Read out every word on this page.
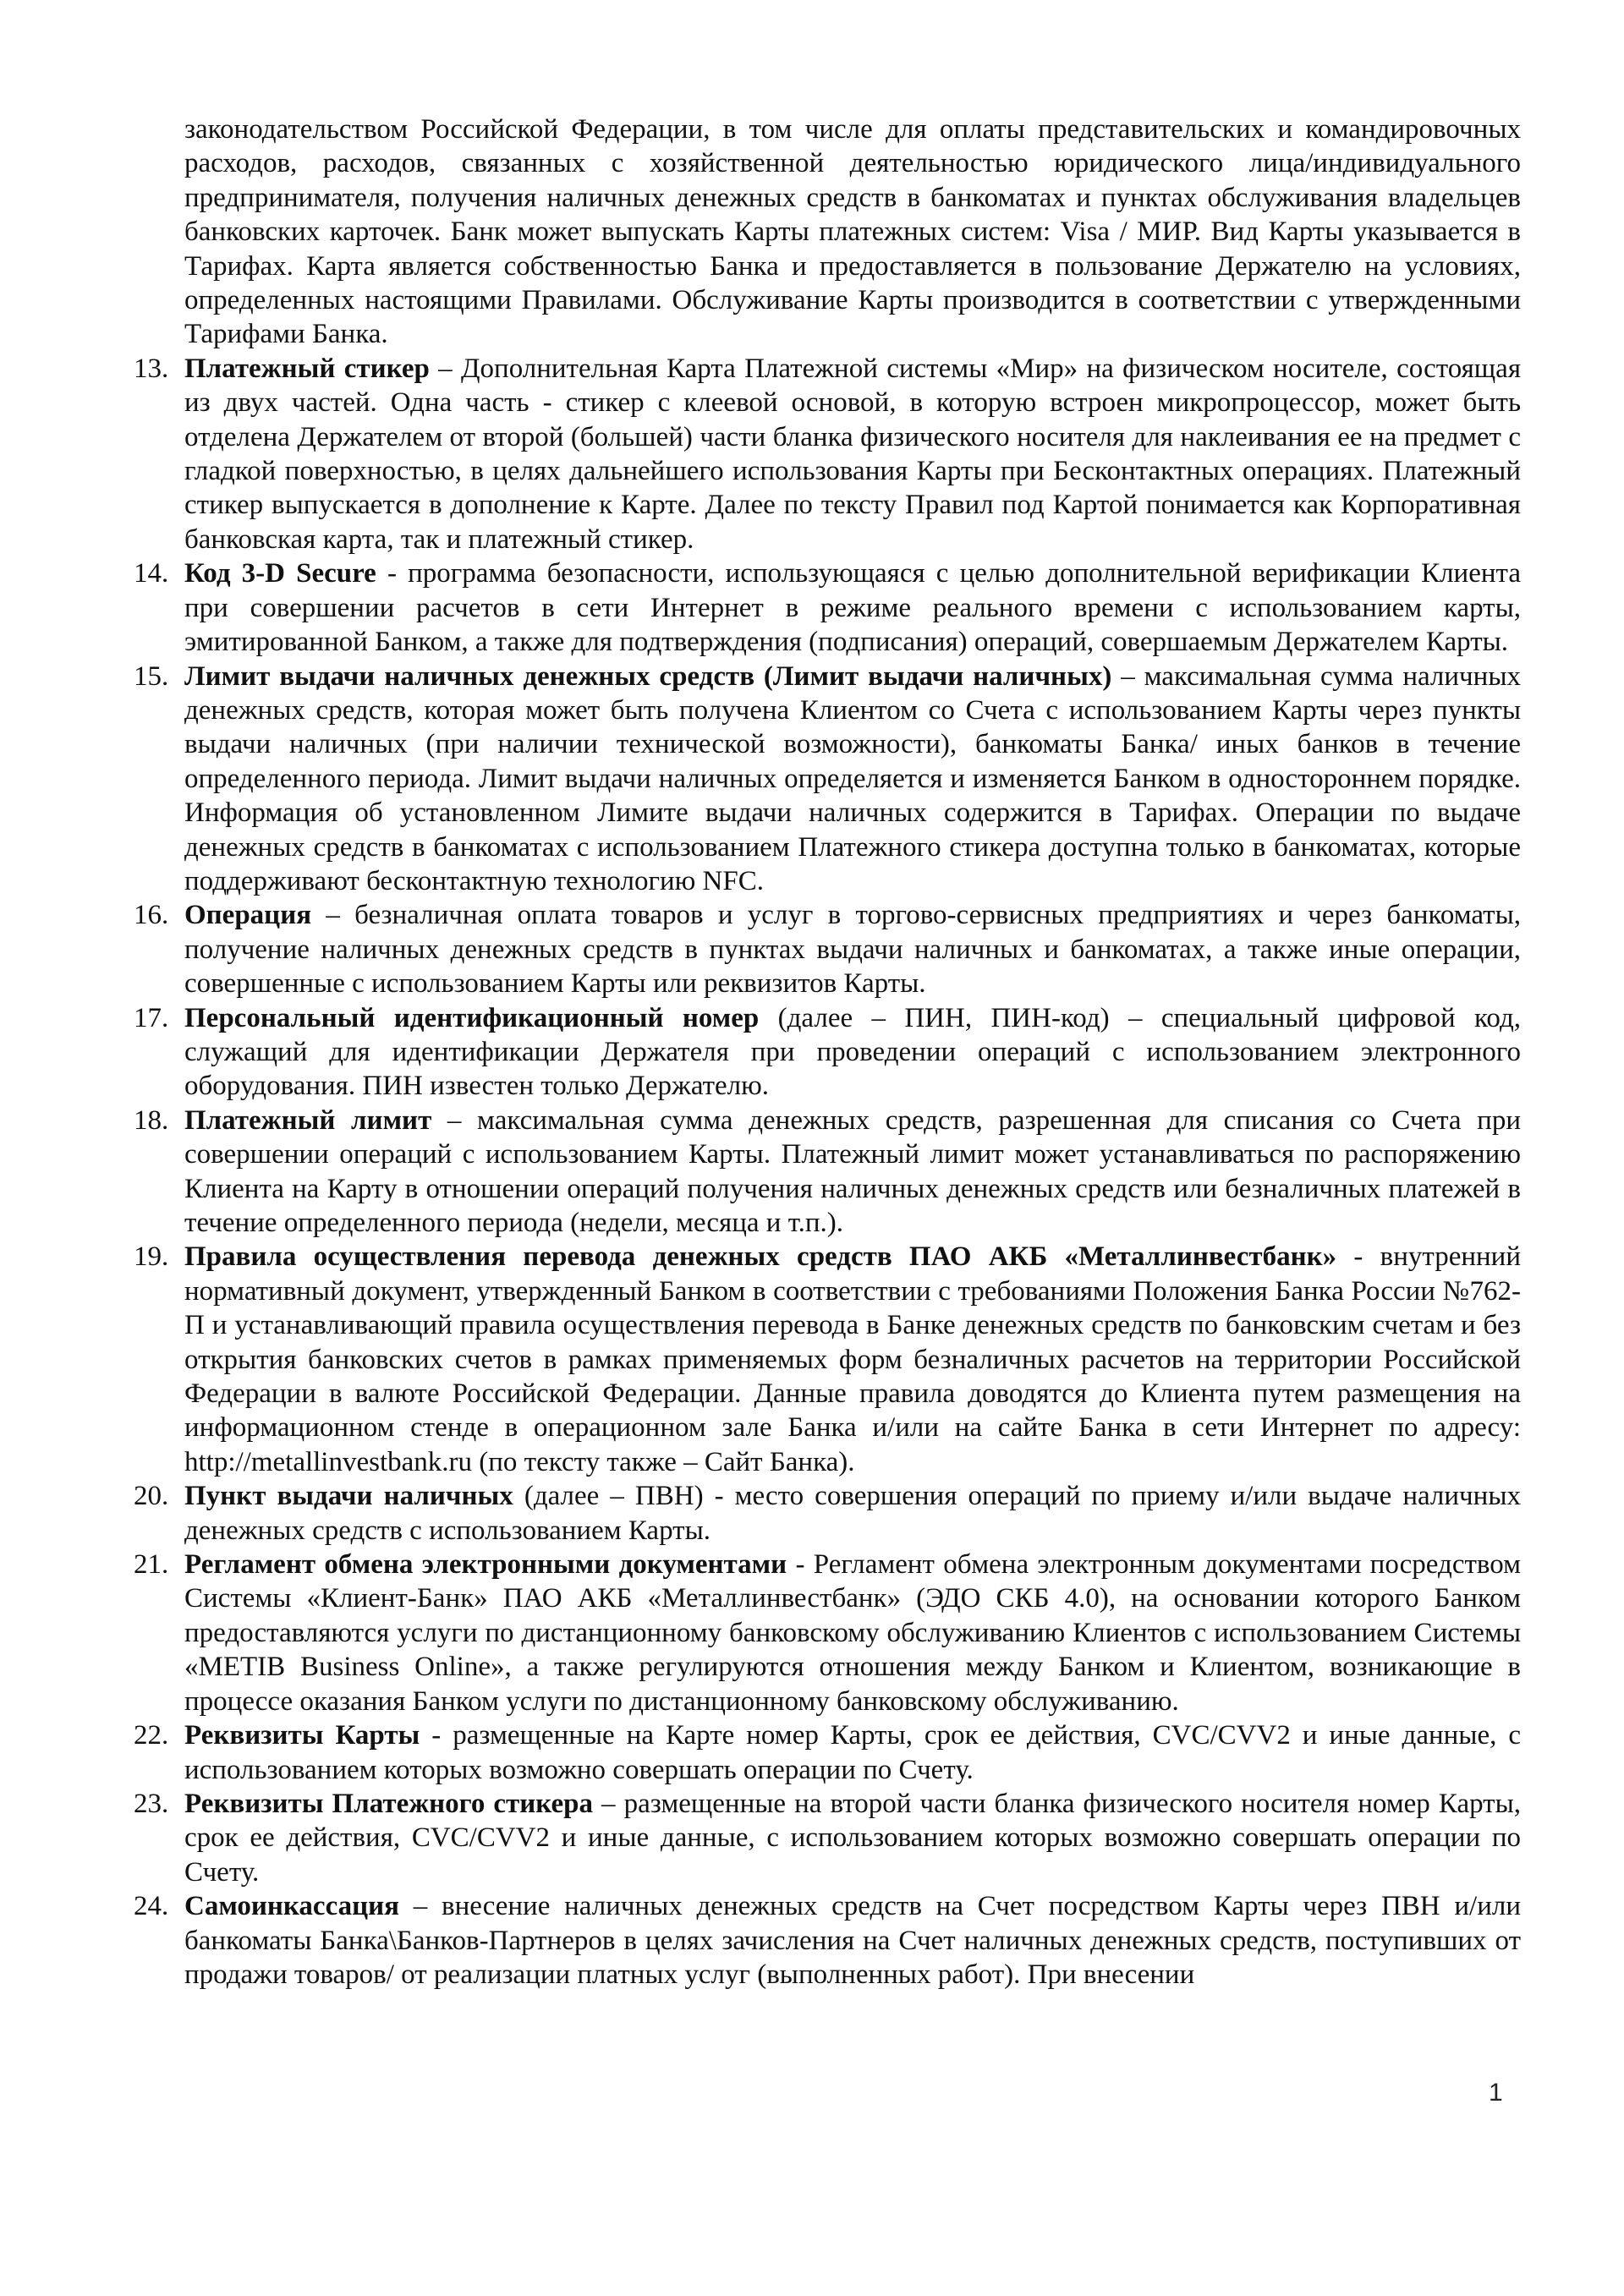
законодательством Российской Федерации, в том числе для оплаты представительских и командировочных расходов, расходов, связанных с хозяйственной деятельностью юридического лица/индивидуального предпринимателя, получения наличных денежных средств в банкоматах и пунктах обслуживания владельцев банковских карточек. Банк может выпускать Карты платежных систем: Visa / МИР. Вид Карты указывается в Тарифах. Карта является собственностью Банка и предоставляется в пользование Держателю на условиях, определенных настоящими Правилами. Обслуживание Карты производится в соответствии с утвержденными Тарифами Банка.

13. Платежный стикер – Дополнительная Карта Платежной системы «Мир» на физическом носителе, состоящая из двух частей. Одна часть - стикер с клеевой основой, в которую встроен микропроцессор, может быть отделена Держателем от второй (большей) части бланка физического носителя для наклеивания ее на предмет с гладкой поверхностью, в целях дальнейшего использования Карты при Бесконтактных операциях. Платежный стикер выпускается в дополнение к Карте. Далее по тексту Правил под Картой понимается как Корпоративная банковская карта, так и платежный стикер.
14. Код 3-D Secure - программа безопасности, использующаяся с целью дополнительной верификации Клиента при совершении расчетов в сети Интернет в режиме реального времени с использованием карты, эмитированной Банком, а также для подтверждения (подписания) операций, совершаемым Держателем Карты.
15. Лимит выдачи наличных денежных средств (Лимит выдачи наличных) – максимальная сумма наличных денежных средств, которая может быть получена Клиентом со Счета с использованием Карты через пункты выдачи наличных (при наличии технической возможности), банкоматы Банка/ иных банков в течение определенного периода. Лимит выдачи наличных определяется и изменяется Банком в одностороннем порядке. Информация об установленном Лимите выдачи наличных содержится в Тарифах. Операции по выдаче денежных средств в банкоматах с использованием Платежного стикера доступна только в банкоматах, которые поддерживают бесконтактную технологию NFC.
16. Операция – безналичная оплата товаров и услуг в торгово-сервисных предприятиях и через банкоматы, получение наличных денежных средств в пунктах выдачи наличных и банкоматах, а также иные операции, совершенные с использованием Карты или реквизитов Карты.
17. Персональный идентификационный номер (далее – ПИН, ПИН-код) – специальный цифровой код, служащий для идентификации Держателя при проведении операций с использованием электронного оборудования. ПИН известен только Держателю.
18. Платежный лимит – максимальная сумма денежных средств, разрешенная для списания со Счета при совершении операций с использованием Карты. Платежный лимит может устанавливаться по распоряжению Клиента на Карту в отношении операций получения наличных денежных средств или безналичных платежей в течение определенного периода (недели, месяца и т.п.).
19. Правила осуществления перевода денежных средств ПАО АКБ «Металлинвестбанк» - внутренний нормативный документ, утвержденный Банком в соответствии с требованиями Положения Банка России №762-П и устанавливающий правила осуществления перевода в Банке денежных средств по банковским счетам и без открытия банковских счетов в рамках применяемых форм безналичных расчетов на территории Российской Федерации в валюте Российской Федерации. Данные правила доводятся до Клиента путем размещения на информационном стенде в операционном зале Банка и/или на сайте Банка в сети Интернет по адресу: http://metallinvestbank.ru (по тексту также – Сайт Банка).
20. Пункт выдачи наличных (далее – ПВН) - место совершения операций по приему и/или выдаче наличных денежных средств с использованием Карты.
21. Регламент обмена электронными документами - Регламент обмена электронным документами посредством Системы «Клиент-Банк» ПАО АКБ «Металлинвестбанк» (ЭДО СКБ 4.0), на основании которого Банком предоставляются услуги по дистанционному банковскому обслуживанию Клиентов с использованием Системы «METIB Business Online», а также регулируются отношения между Банком и Клиентом, возникающие в процессе оказания Банком услуги по дистанционному банковскому обслуживанию.
22. Реквизиты Карты - размещенные на Карте номер Карты, срок ее действия, CVC/CVV2 и иные данные, с использованием которых возможно совершать операции по Счету.
23. Реквизиты Платежного стикера – размещенные на второй части бланка физического носителя номер Карты, срок ее действия, CVC/CVV2 и иные данные, с использованием которых возможно совершать операции по Счету.
24. Самоинкассация – внесение наличных денежных средств на Счет посредством Карты через ПВН и/или банкоматы Банка\Банков-Партнеров в целях зачисления на Счет наличных денежных средств, поступивших от продажи товаров/ от реализации платных услуг (выполненных работ). При внесении
1
